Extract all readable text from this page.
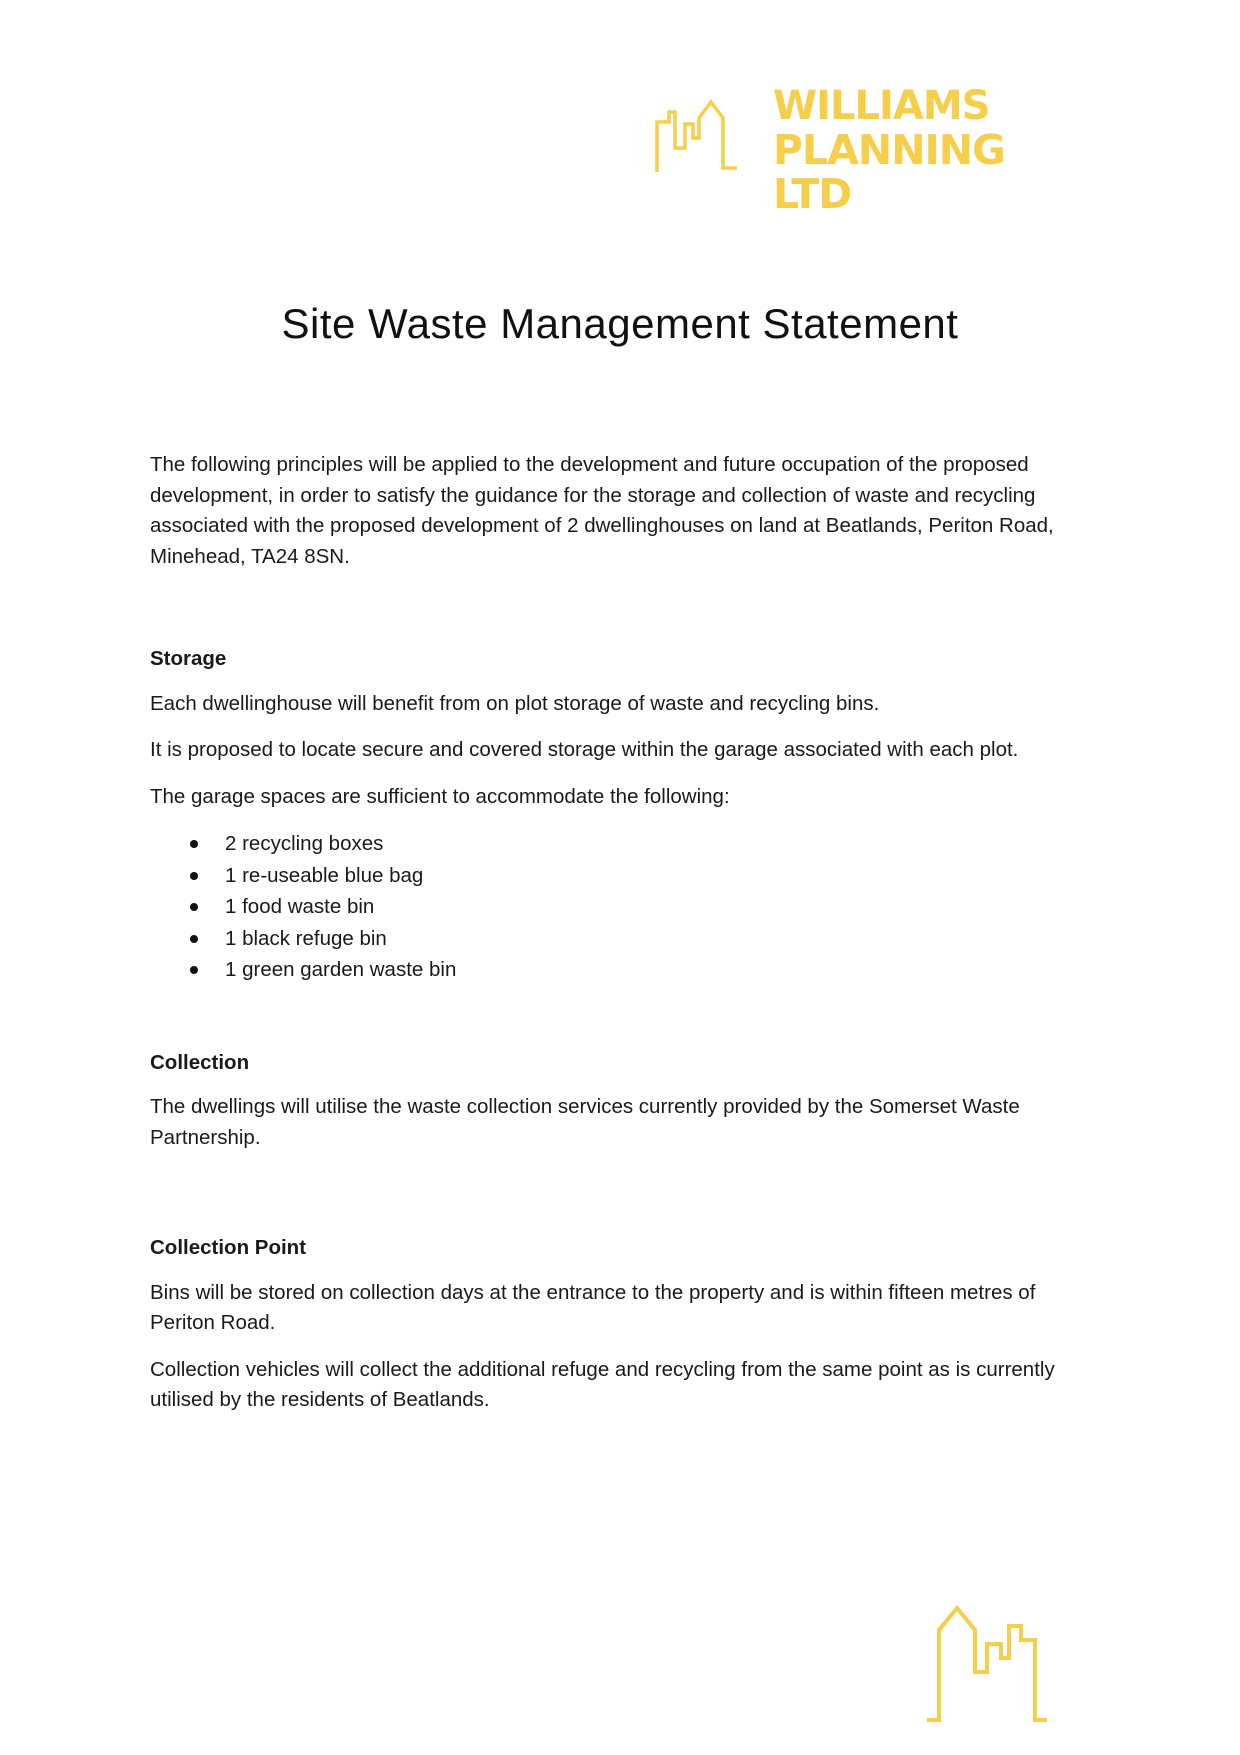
WILLIAMS
PLANNING LTD
Site Waste Management Statement

The following principles will be applied to the development and future occupation of the proposed development, in order to satisfy the guidance for the storage and collection of waste and recycling associated with the proposed development of 2 dwellinghouses on land at Beatlands, Periton Road, Minehead, TA24 8SN.

Storage

Each dwellinghouse will benefit from on plot storage of waste and recycling bins.

It is proposed to locate secure and covered storage within the garage associated with each plot.

The garage spaces are sufficient to accommodate the following:

2 recycling boxes
1 re-useable blue bag
1 food waste bin
1 black refuge bin
1 green garden waste bin

Collection

The dwellings will utilise the waste collection services currently provided by the Somerset Waste Partnership.

Collection Point

Bins will be stored on collection days at the entrance to the property and is within fifteen metres of Periton Road.

Collection vehicles will collect the additional refuge and recycling from the same point as is currently utilised by the residents of Beatlands.
